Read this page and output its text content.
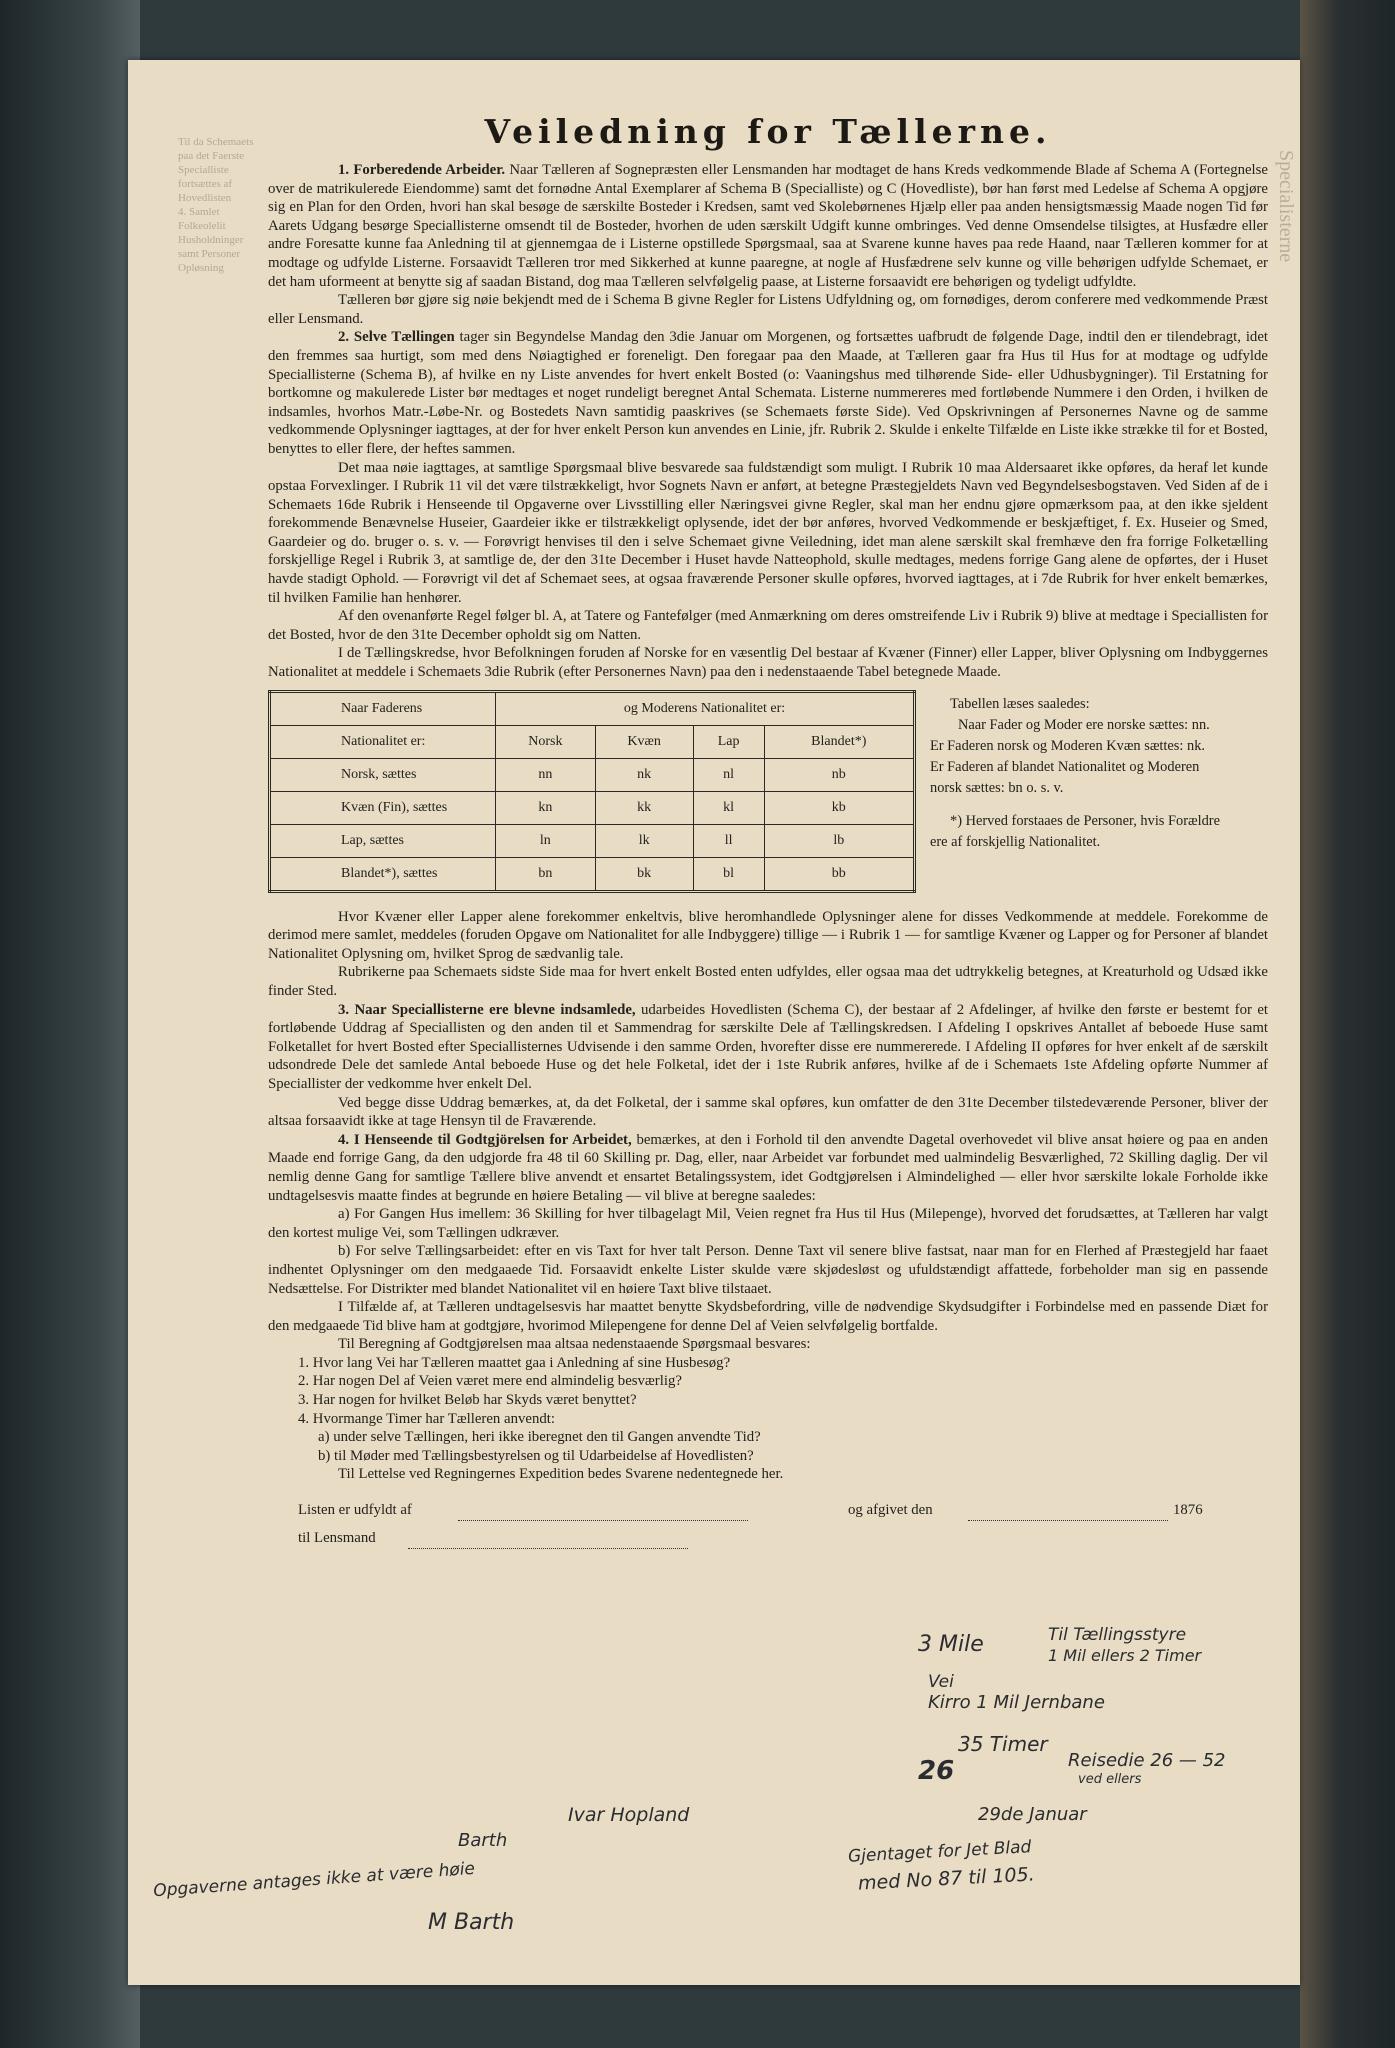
Til da Schemaets
paa det Faerste
Specialliste
fortsættes af
Hovedlisten
4. Samlet
Folkeolelit
Husholdninger
samt Personer
Opløsning
Specialisterne
Veiledning for Tællerne.

1. Forberedende Arbeider. Naar Tælleren af Sognepræsten eller Lensmanden har modtaget de hans Kreds vedkommende Blade af Schema A (Fortegnelse over de matrikulerede Eiendomme) samt det fornødne Antal Exemplarer af Schema B (Specialliste) og C (Hovedliste), bør han først med Ledelse af Schema A opgjøre sig en Plan for den Orden, hvori han skal besøge de særskilte Bosteder i Kredsen, samt ved Skolebørnenes Hjælp eller paa anden hensigtsmæssig Maade nogen Tid før Aarets Udgang besørge Speciallisterne omsendt til de Bosteder, hvorhen de uden særskilt Udgift kunne ombringes. Ved denne Omsendelse tilsigtes, at Husfædre eller andre Foresatte kunne faa Anledning til at gjennemgaa de i Listerne opstillede Spørgsmaal, saa at Svarene kunne haves paa rede Haand, naar Tælleren kommer for at modtage og udfylde Listerne. Forsaavidt Tælleren tror med Sikkerhed at kunne paaregne, at nogle af Husfædrene selv kunne og ville behørigen udfylde Schemaet, er det ham uformeent at benytte sig af saadan Bistand, dog maa Tælleren selvfølgelig paase, at Listerne forsaavidt ere behørigen og tydeligt udfyldte.

Tælleren bør gjøre sig nøie bekjendt med de i Schema B givne Regler for Listens Udfyldning og, om fornødiges, derom conferere med vedkommende Præst eller Lensmand.

2. Selve Tællingen tager sin Begyndelse Mandag den 3die Januar om Morgenen, og fortsættes uafbrudt de følgende Dage, indtil den er tilendebragt, idet den fremmes saa hurtigt, som med dens Nøiagtighed er foreneligt. Den foregaar paa den Maade, at Tælleren gaar fra Hus til Hus for at modtage og udfylde Speciallisterne (Schema B), af hvilke en ny Liste anvendes for hvert enkelt Bosted (o: Vaaningshus med tilhørende Side- eller Udhusbygninger). Til Erstatning for bortkomne og makulerede Lister bør medtages et noget rundeligt beregnet Antal Schemata. Listerne nummereres med fortløbende Nummere i den Orden, i hvilken de indsamles, hvorhos Matr.-Løbe-Nr. og Bostedets Navn samtidig paaskrives (se Schemaets første Side). Ved Opskrivningen af Personernes Navne og de samme vedkommende Oplysninger iagttages, at der for hver enkelt Person kun anvendes en Linie, jfr. Rubrik 2. Skulde i enkelte Tilfælde en Liste ikke strække til for et Bosted, benyttes to eller flere, der heftes sammen.

Det maa nøie iagttages, at samtlige Spørgsmaal blive besvarede saa fuldstændigt som muligt. I Rubrik 10 maa Aldersaaret ikke opføres, da heraf let kunde opstaa Forvexlinger. I Rubrik 11 vil det være tilstrækkeligt, hvor Sognets Navn er anført, at betegne Præstegjeldets Navn ved Begyndelsesbogstaven. Ved Siden af de i Schemaets 16de Rubrik i Henseende til Opgaverne over Livsstilling eller Næringsvei givne Regler, skal man her endnu gjøre opmærksom paa, at den ikke sjeldent forekommende Benævnelse Huseier, Gaardeier ikke er tilstrækkeligt oplysende, idet der bør anføres, hvorved Vedkommende er beskjæftiget, f. Ex. Huseier og Smed, Gaardeier og do. bruger o. s. v. — Forøvrigt henvises til den i selve Schemaet givne Veiledning, idet man alene særskilt skal fremhæve den fra forrige Folketælling forskjellige Regel i Rubrik 3, at samtlige de, der den 31te December i Huset havde Natteophold, skulle medtages, medens forrige Gang alene de opførtes, der i Huset havde stadigt Ophold. — Forøvrigt vil det af Schemaet sees, at ogsaa fraværende Personer skulle opføres, hvorved iagttages, at i 7de Rubrik for hver enkelt bemærkes, til hvilken Familie han henhører.

Af den ovenanførte Regel følger bl. A, at Tatere og Fantefølger (med Anmærkning om deres omstreifende Liv i Rubrik 9) blive at medtage i Speciallisten for det Bosted, hvor de den 31te December opholdt sig om Natten.

I de Tællingskredse, hvor Befolkningen foruden af Norske for en væsentlig Del bestaar af Kvæner (Finner) eller Lapper, bliver Oplysning om Indbyggernes Nationalitet at meddele i Schemaets 3die Rubrik (efter Personernes Navn) paa den i nedenstaaende Tabel betegnede Maade.

Naar Faderens	og Moderens Nationalitet er:			
Nationalitet er:	Norsk	Kvæn	Lap	Blandet*)
Norsk, sættes	nn	nk	nl	nb
Kvæn (Fin), sættes	kn	kk	kl	kb
Lap, sættes	ln	lk	ll	lb
Blandet*), sættes	bn	bk	bl	bb
Tabellen læses saaledes:
Naar Fader og Moder ere norske sættes: nn. Er Faderen norsk og Moderen Kvæn sættes: nk. Er Faderen af blandet Nationalitet og Moderen norsk sættes: bn o. s. v.
*) Herved forstaaes de Personer, hvis Forældre ere af forskjellig Nationalitet.

Hvor Kvæner eller Lapper alene forekommer enkeltvis, blive heromhandlede Oplysninger alene for disses Vedkommende at meddele. Forekomme de derimod mere samlet, meddeles (foruden Opgave om Nationalitet for alle Indbyggere) tillige — i Rubrik 1 — for samtlige Kvæner og Lapper og for Personer af blandet Nationalitet Oplysning om, hvilket Sprog de sædvanlig tale.

Rubrikerne paa Schemaets sidste Side maa for hvert enkelt Bosted enten udfyldes, eller ogsaa maa det udtrykkelig betegnes, at Kreaturhold og Udsæd ikke finder Sted.

3. Naar Speciallisterne ere blevne indsamlede, udarbeides Hovedlisten (Schema C), der bestaar af 2 Afdelinger, af hvilke den første er bestemt for et fortløbende Uddrag af Speciallisten og den anden til et Sammendrag for særskilte Dele af Tællingskredsen. I Afdeling I opskrives Antallet af beboede Huse samt Folketallet for hvert Bosted efter Speciallisternes Udvisende i den samme Orden, hvorefter disse ere nummererede. I Afdeling II opføres for hver enkelt af de særskilt udsondrede Dele det samlede Antal beboede Huse og det hele Folketal, idet der i 1ste Rubrik anføres, hvilke af de i Schemaets 1ste Afdeling opførte Nummer af Speciallister der vedkomme hver enkelt Del.

Ved begge disse Uddrag bemærkes, at, da det Folketal, der i samme skal opføres, kun omfatter de den 31te December tilstedeværende Personer, bliver der altsaa forsaavidt ikke at tage Hensyn til de Fraværende.

4. I Henseende til Godtgjörelsen for Arbeidet, bemærkes, at den i Forhold til den anvendte Dagetal overhovedet vil blive ansat høiere og paa en anden Maade end forrige Gang, da den udgjorde fra 48 til 60 Skilling pr. Dag, eller, naar Arbeidet var forbundet med ualmindelig Besværlighed, 72 Skilling daglig. Der vil nemlig denne Gang for samtlige Tællere blive anvendt et ensartet Betalingssystem, idet Godtgjørelsen i Almindelighed — eller hvor særskilte lokale Forholde ikke undtagelsesvis maatte findes at begrunde en høiere Betaling — vil blive at beregne saaledes:

a) For Gangen Hus imellem: 36 Skilling for hver tilbagelagt Mil, Veien regnet fra Hus til Hus (Milepenge), hvorved det forudsættes, at Tælleren har valgt den kortest mulige Vei, som Tællingen udkræver.

b) For selve Tællingsarbeidet: efter en vis Taxt for hver talt Person. Denne Taxt vil senere blive fastsat, naar man for en Flerhed af Præstegjeld har faaet indhentet Oplysninger om den medgaaede Tid. Forsaavidt enkelte Lister skulde være skjødesløst og ufuldstændigt affattede, forbeholder man sig en passende Nedsættelse. For Distrikter med blandet Nationalitet vil en høiere Taxt blive tilstaaet.

I Tilfælde af, at Tælleren undtagelsesvis har maattet benytte Skydsbefordring, ville de nødvendige Skydsudgifter i Forbindelse med en passende Diæt for den medgaaede Tid blive ham at godtgjøre, hvorimod Milepengene for denne Del af Veien selvfølgelig bortfalde.

Til Beregning af Godtgjørelsen maa altsaa nedenstaaende Spørgsmaal besvares:
1. Hvor lang Vei har Tælleren maattet gaa i Anledning af sine Husbesøg?
2. Har nogen Del af Veien været mere end almindelig besværlig?
3. Har nogen for hvilket Beløb har Skyds været benyttet?
4. Hvormange Timer har Tælleren anvendt:
a) under selve Tællingen, heri ikke iberegnet den til Gangen anvendte Tid?
b) til Møder med Tællingsbestyrelsen og til Udarbeidelse af Hovedlisten?
Til Lettelse ved Regningernes Expedition bedes Svarene nedentegnede her.
Listen er udfyldt af	og afgivet den	1876
til Lensmand
3 Mile	Til Tællingsstyre
1 Mil ellers 2 Timer
Vei
Kirro 1 Mil Jernbane
35 Timer
26	Reisedie 26 — 52
ved ellers
Ivar Hopland	29de Januar
Barth
Opgaverne antages ikke at være høie
M Barth
Gjentaget for Jet Blad
med No 87 til 105.
